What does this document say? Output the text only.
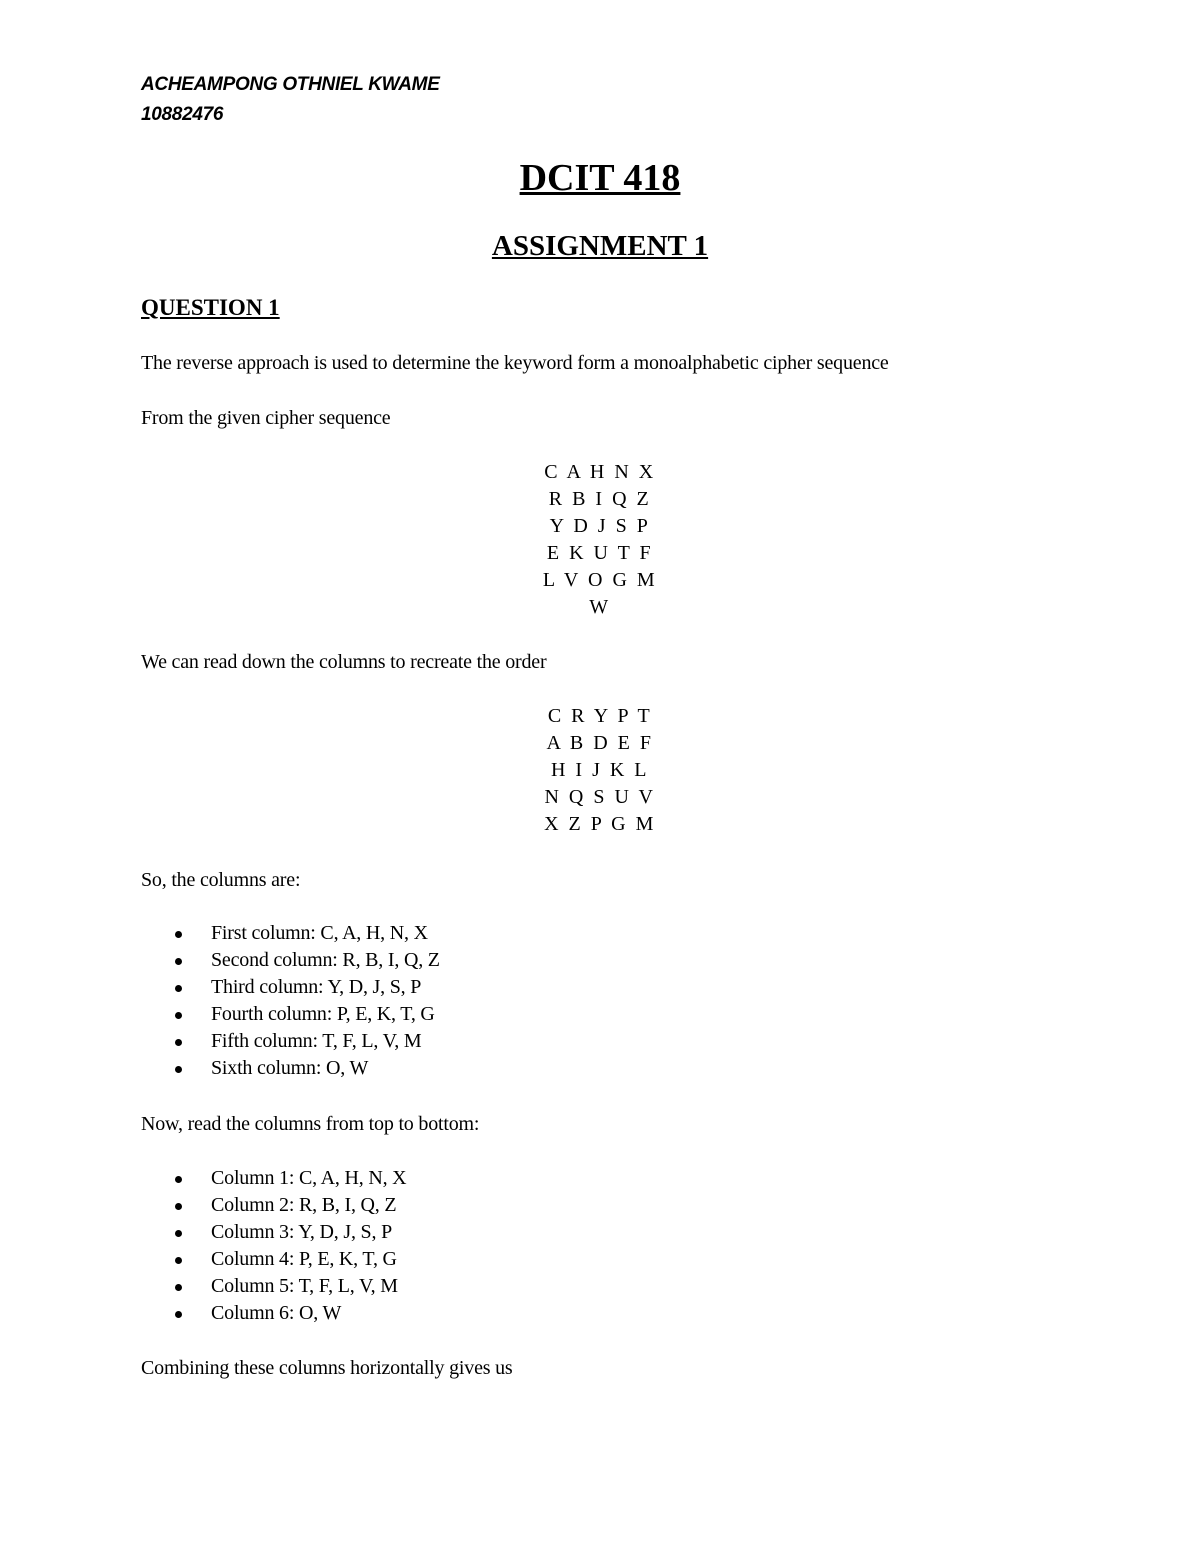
ACHEAMPONG OTHNIEL KWAME
10882476
DCIT 418
ASSIGNMENT 1
QUESTION 1
The reverse approach is used to determine the keyword form a monoalphabetic cipher sequence
From the given cipher sequence
C A H N X
R B I Q Z
Y D J S P
E K U T F
L V O G M
W
We can read down the columns to recreate the order
C R Y P T
A B D E F
H I J K L
N Q S U V
X Z P G M
So, the columns are:
First column: C, A, H, N, X
Second column: R, B, I, Q, Z
Third column: Y, D, J, S, P
Fourth column: P, E, K, T, G
Fifth column: T, F, L, V, M
Sixth column: O, W
Now, read the columns from top to bottom:
Column 1: C, A, H, N, X
Column 2: R, B, I, Q, Z
Column 3: Y, D, J, S, P
Column 4: P, E, K, T, G
Column 5: T, F, L, V, M
Column 6: O, W
Combining these columns horizontally gives us
